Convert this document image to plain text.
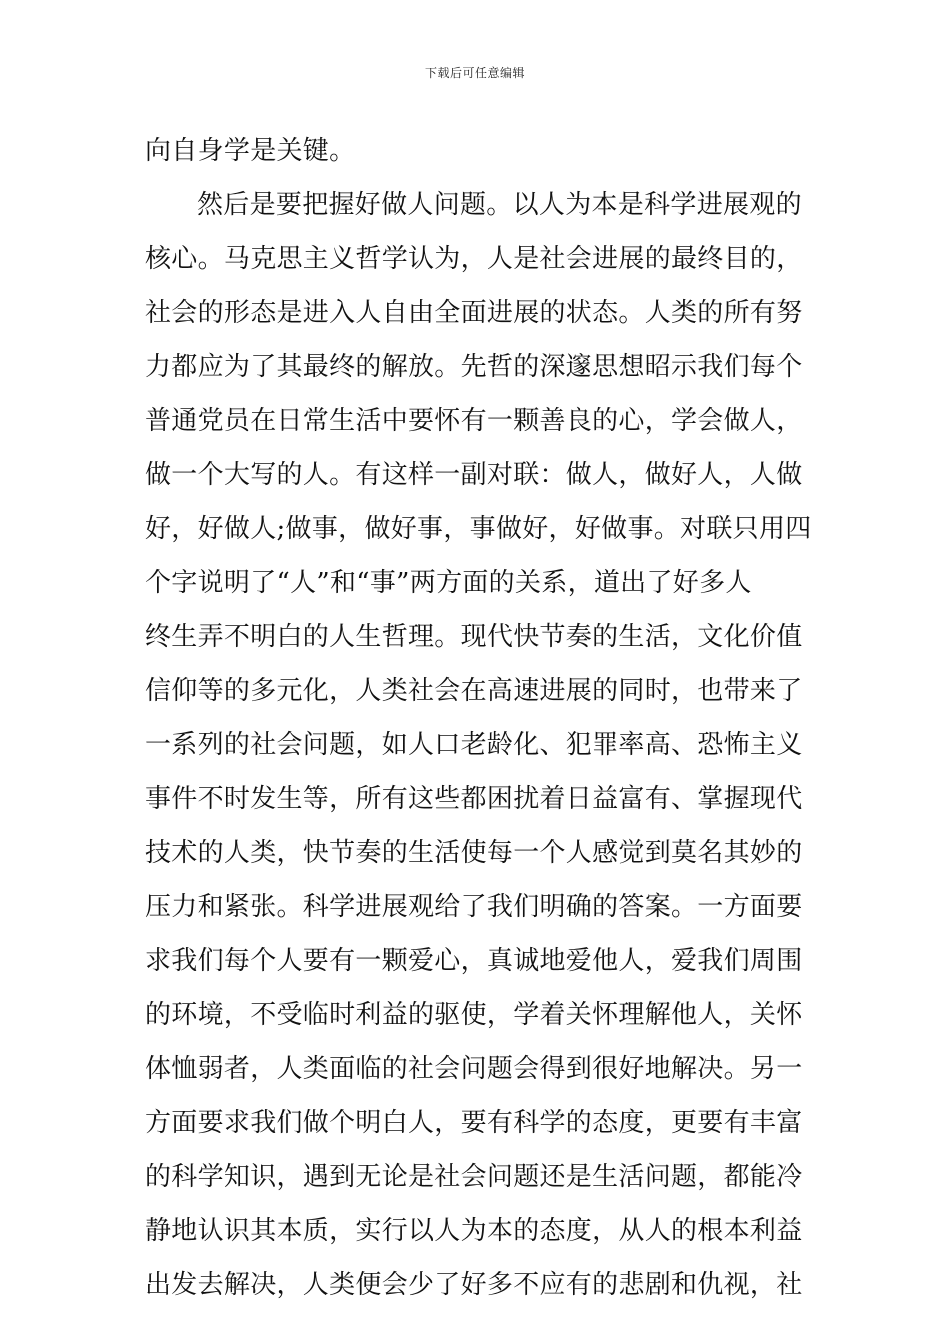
下载后可任意编辑
向自身学是关键。
然后是要把握好做人问题。以人为本是科学进展观的
核心。马克思主义哲学认为，人是社会进展的最终目的，
社会的形态是进入人自由全面进展的状态。人类的所有努
力都应为了其最终的解放。先哲的深邃思想昭示我们每个
普通党员在日常生活中要怀有一颗善良的心，学会做人，
做一个大写的人。有这样一副对联：做人，做好人，人做
好，好做人;做事，做好事，事做好，好做事。对联只用四
个字说明了“人”和“事”两方面的关系，道出了好多人
终生弄不明白的人生哲理。现代快节奏的生活，文化价值
信仰等的多元化，人类社会在高速进展的同时，也带来了
一系列的社会问题，如人口老龄化、犯罪率高、恐怖主义
事件不时发生等，所有这些都困扰着日益富有、掌握现代
技术的人类，快节奏的生活使每一个人感觉到莫名其妙的
压力和紧张。科学进展观给了我们明确的答案。一方面要
求我们每个人要有一颗爱心，真诚地爱他人，爱我们周围
的环境，不受临时利益的驱使，学着关怀理解他人，关怀
体恤弱者，人类面临的社会问题会得到很好地解决。另一
方面要求我们做个明白人，要有科学的态度，更要有丰富
的科学知识，遇到无论是社会问题还是生活问题，都能冷
静地认识其本质，实行以人为本的态度，从人的根本利益
出发去解决，人类便会少了好多不应有的悲剧和仇视，社
